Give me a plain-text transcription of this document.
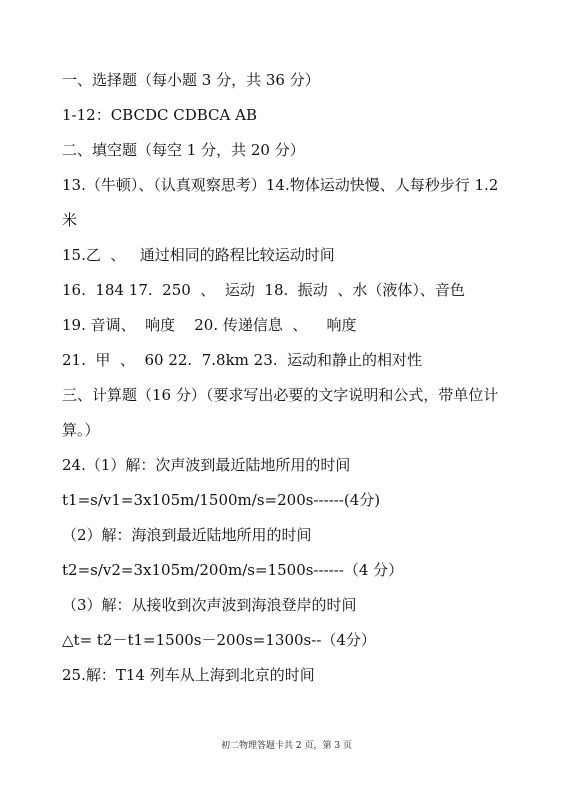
一、选择题（每小题 3 分，共 36 分）
1-12：CBCDC CDBCA AB
二、填空题（每空 1 分，共 20 分）
13.（牛顿）、（认真观察思考）14.物体运动快慢、人每秒步行 1.2
米
15.乙  、   通过相同的路程比较运动时间
16.  184 17.  250  、  运动  18.  振动  、水（液体）、音色
19. 音调、  响度    20. 传递信息  、    响度
21.  甲  、  60 22.  7.8km 23.  运动和静止的相对性
三、计算题（16 分）（要求写出必要的文字说明和公式，带单位计
算。）
24.（1）解：次声波到最近陆地所用的时间
t1=s/v1=3x105m/1500m/s=200s------(4分)
（2）解：海浪到最近陆地所用的时间
t2=s/v2=3x105m/200m/s=1500s------（4 分）
（3）解：从接收到次声波到海浪登岸的时间
△t= t2－t1=1500s－200s=1300s--（4分）
25.解：T14 列车从上海到北京的时间
初二物理答题卡共 2 页，第 3 页
